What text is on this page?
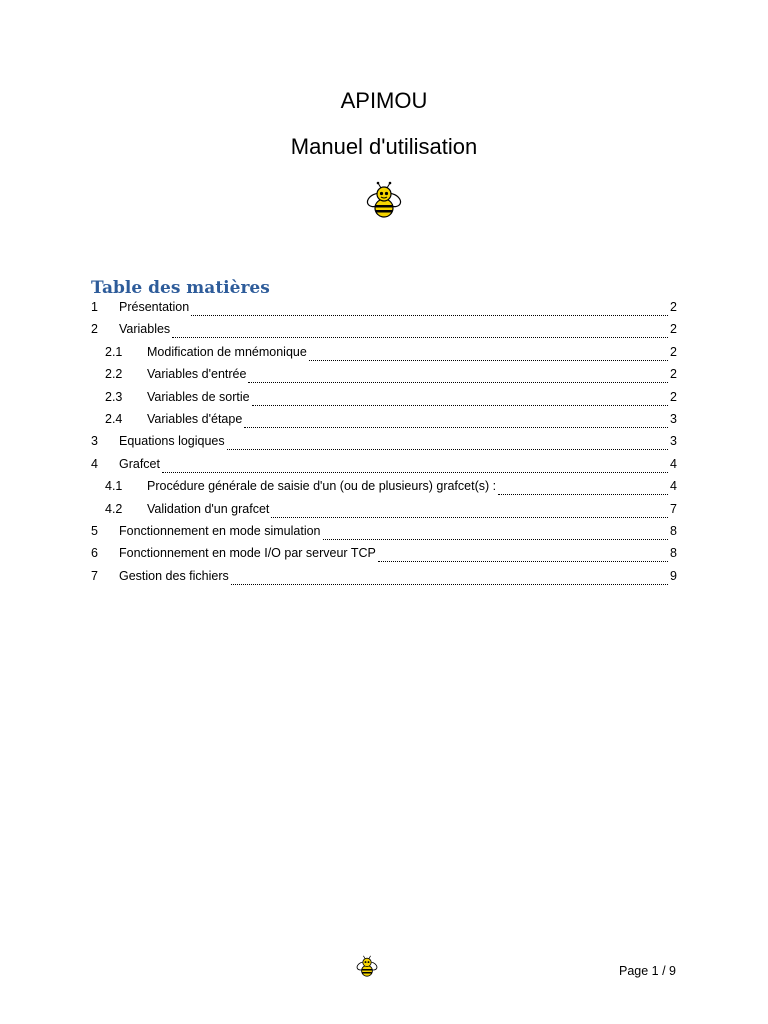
APIMOU
Manuel d'utilisation
Table des matières
1	Présentation	2
2	Variables	2
2.1	Modification de mnémonique	2
2.2	Variables d'entrée	2
2.3	Variables de sortie	2
2.4	Variables d'étape	3
3	Equations logiques	3
4	Grafcet	4
4.1	Procédure générale de saisie d'un (ou de plusieurs) grafcet(s) :	4
4.2	Validation d'un grafcet	7
5	Fonctionnement en mode simulation	8
6	Fonctionnement en mode I/O par serveur TCP	8
7	Gestion des fichiers	9
Page 1 / 9
